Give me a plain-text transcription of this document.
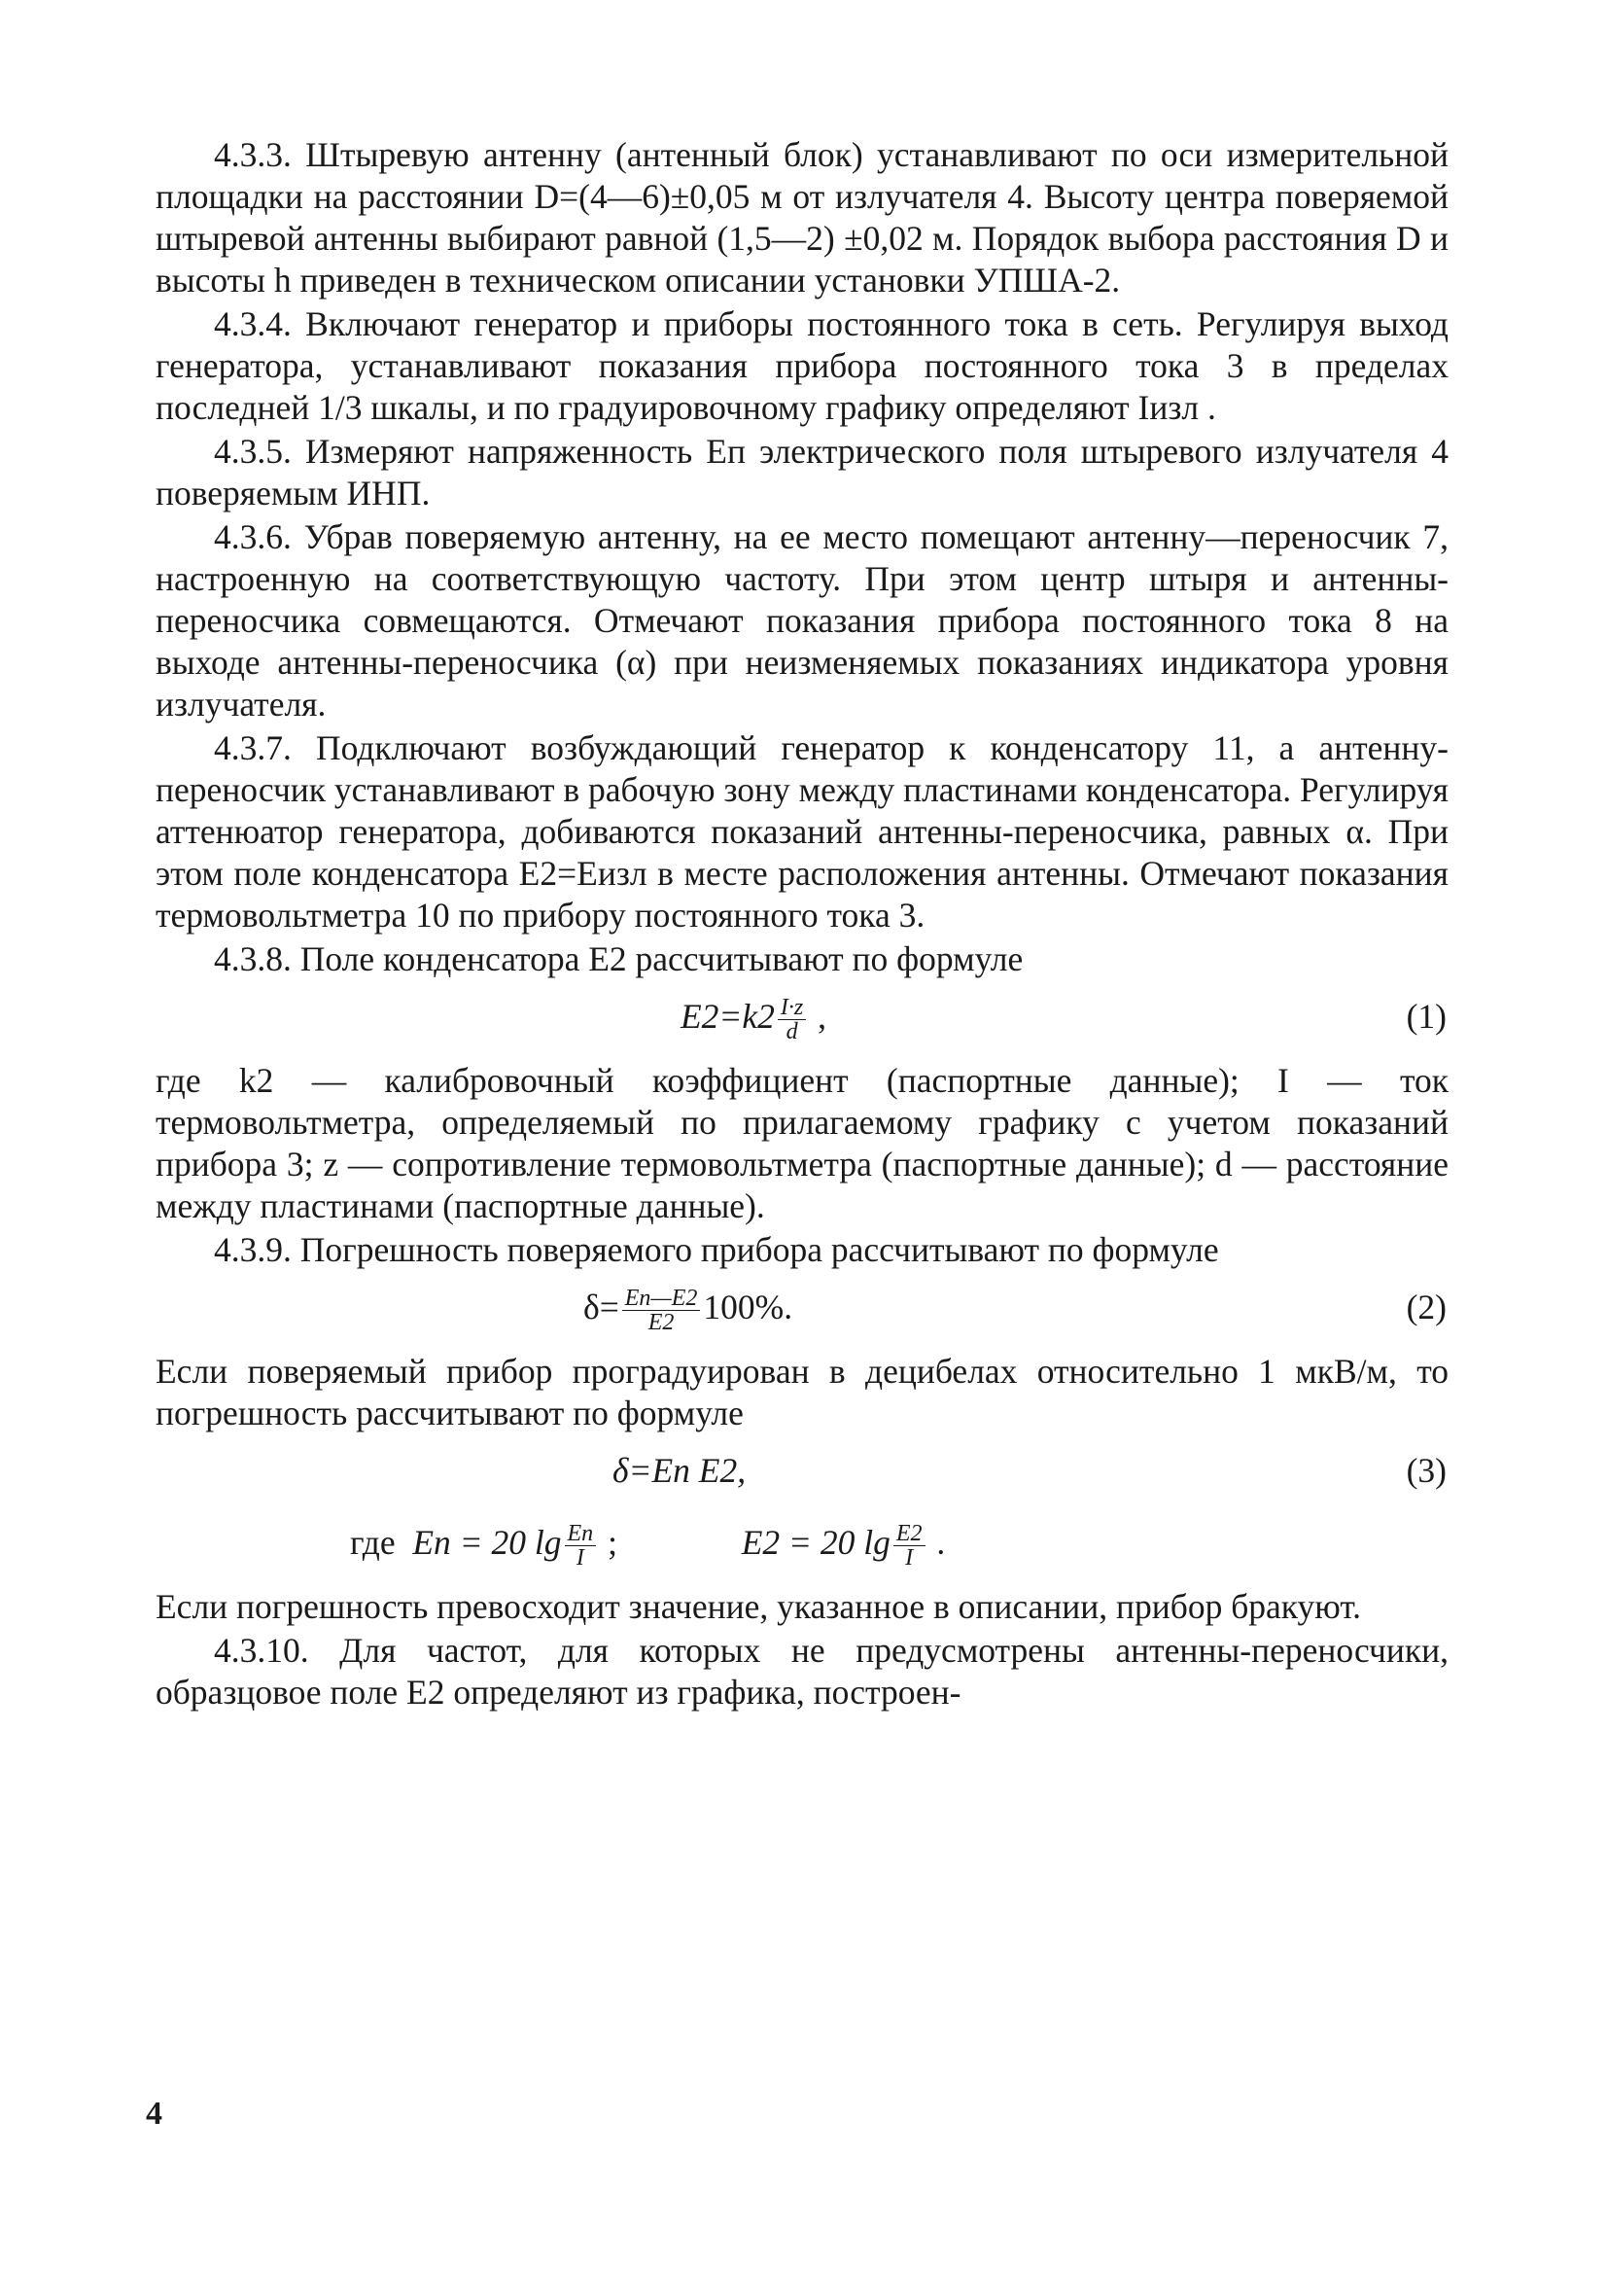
4.3.3. Штыревую антенну (антенный блок) устанавливают по оси измерительной площадки на расстоянии D=(4—6)±0,05 м от излучателя 4. Высоту центра поверяемой штыревой антенны выбирают равной (1,5—2) ±0,02 м. Порядок выбора расстояния D и высоты h приведен в техническом описании установки УПША-2.

4.3.4. Включают генератор и приборы постоянного тока в сеть. Регулируя выход генератора, устанавливают показания прибора постоянного тока 3 в пределах последней 1/3 шкалы, и по градуировочному графику определяют Iизл .

4.3.5. Измеряют напряженность Eп электрического поля штыревого излучателя 4 поверяемым ИНП.

4.3.6. Убрав поверяемую антенну, на ее место помещают антенну—переносчик 7, настроенную на соответствующую частоту. При этом центр штыря и антенны-переносчика совмещаются. Отмечают показания прибора постоянного тока 8 на выходе антенны-переносчика (α) при неизменяемых показаниях индикатора уровня излучателя.

4.3.7. Подключают возбуждающий генератор к конденсатору 11, а антенну-переносчик устанавливают в рабочую зону между пластинами конденсатора. Регулируя аттенюатор генератора, добиваются показаний антенны-переносчика, равных α. При этом поле конденсатора E2=Eизл в месте расположения антенны. Отмечают показания термовольтметра 10 по прибору постоянного тока 3.

4.3.8. Поле конденсатора E2 рассчитывают по формуле

$E2=k2 \frac{I\cdot z}{d}$ ,	(1)

где k2 — калибровочный коэффициент (паспортные данные); I — ток термовольтметра, определяемый по прилагаемому графику с учетом показаний прибора 3; z — сопротивление термовольтметра (паспортные данные); d — расстояние между пластинами (паспортные данные).

4.3.9. Погрешность поверяемого прибора рассчитывают по формуле

$\delta= \frac{Eп—E2}{E2} 100\%$.	(2)

Если поверяемый прибор проградуирован в децибелах относительно 1 мкВ/м, то погрешность рассчитывают по формуле

δ=Eп E2,	(3)
где Eп = 20 $\lg \frac{Eп}{I}$ ;	E2 = 20 $\lg \frac{E2}{I}$ .

Если погрешность превосходит значение, указанное в описании, прибор бракуют.

4.3.10. Для частот, для которых не предусмотрены антенны-переносчики, образцовое поле E2 определяют из графика, построен-

4
